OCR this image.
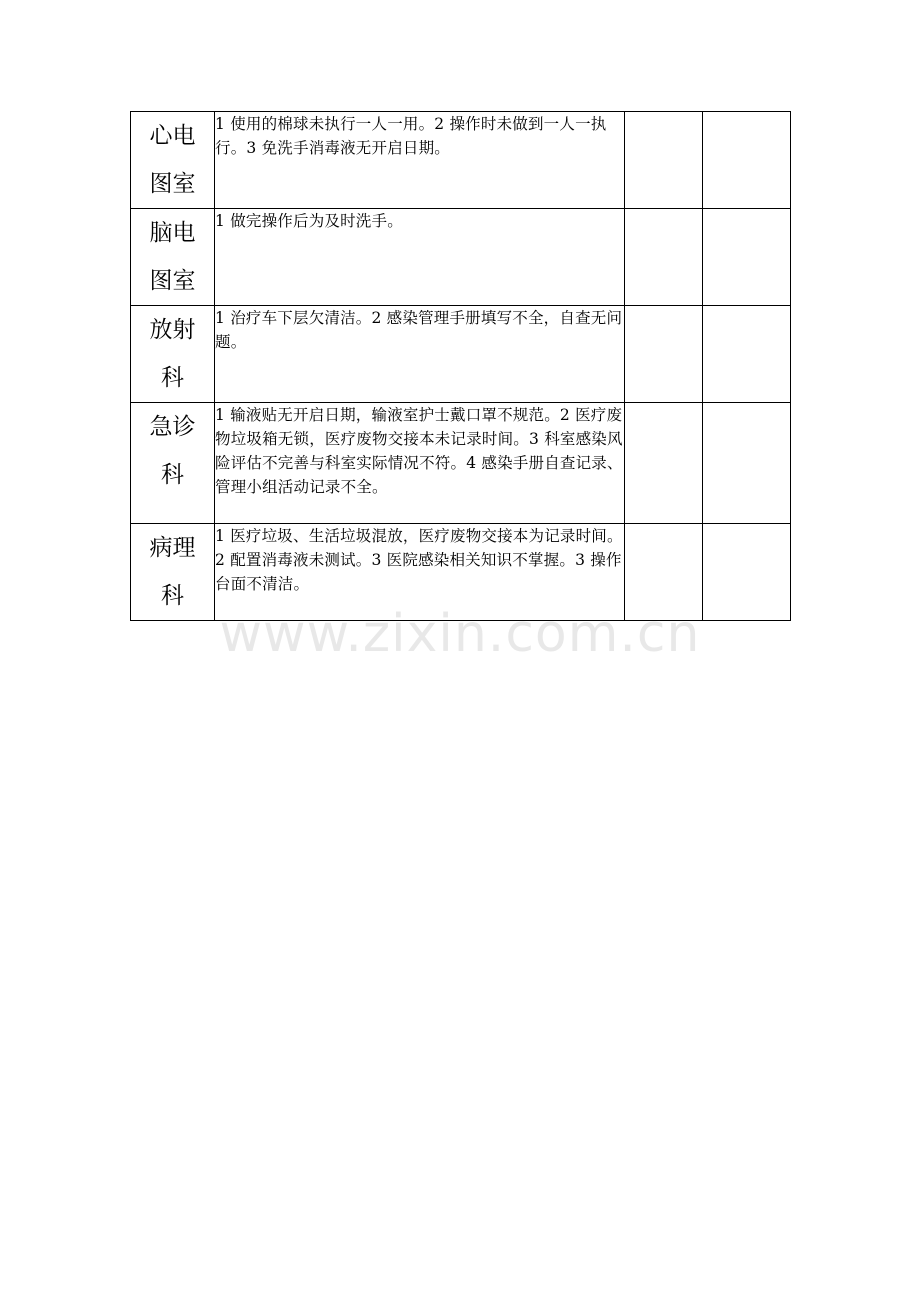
心电
图室	1 使用的棉球未执行一人一用。2 操作时未做到一人一执行。3 免洗手消毒液无开启日期。		
脑电
图室	1 做完操作后为及时洗手。		
放射
科	1 治疗车下层欠清洁。2 感染管理手册填写不全，自查无问题。		
急诊
科	1 输液贴无开启日期，输液室护士戴口罩不规范。2 医疗废物垃圾箱无锁，医疗废物交接本未记录时间。3 科室感染风险评估不完善与科室实际情况不符。4 感染手册自查记录、管理小组活动记录不全。		
病理
科	1 医疗垃圾、生活垃圾混放，医疗废物交接本为记录时间。2 配置消毒液未测试。3 医院感染相关知识不掌握。3 操作台面不清洁。		
www.zixin.com.cn
